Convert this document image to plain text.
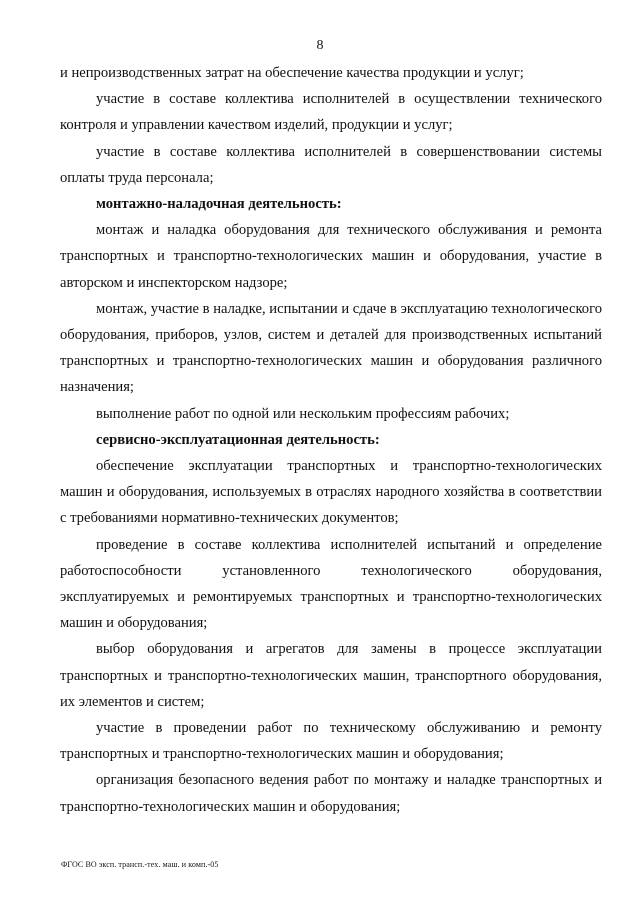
8

и непроизводственных затрат на обеспечение качества продукции и услуг;

участие в составе коллектива исполнителей в осуществлении технического контроля и управлении качеством изделий, продукции и услуг;

участие в составе коллектива исполнителей в совершенствовании системы оплаты труда персонала;

монтажно-наладочная деятельность:

монтаж и наладка оборудования для технического обслуживания и ремонта транспортных и транспортно-технологических машин и оборудования, участие в авторском и инспекторском надзоре;

монтаж, участие в наладке, испытании и сдаче в эксплуатацию технологического оборудования, приборов, узлов, систем и деталей для производственных испытаний транспортных и транспортно-технологических машин и оборудования различного назначения;

выполнение работ по одной или нескольким профессиям рабочих;

сервисно-эксплуатационная деятельность:

обеспечение эксплуатации транспортных и транспортно-технологических машин и оборудования, используемых в отраслях народного хозяйства в соответствии с требованиями нормативно-технических документов;

проведение в составе коллектива исполнителей испытаний и определение работоспособности установленного технологического оборудования, эксплуатируемых и ремонтируемых транспортных и транспортно-технологических машин и оборудования;

выбор оборудования и агрегатов для замены в процессе эксплуатации транспортных и транспортно-технологических машин, транспортного оборудования, их элементов и систем;

участие в проведении работ по техническому обслуживанию и ремонту транспортных и транспортно-технологических машин и оборудования;

организация безопасного ведения работ по монтажу и наладке транспортных и транспортно-технологических машин и оборудования;

ФГОС ВО эксп. трансп.-тех. маш. и комп.-05
